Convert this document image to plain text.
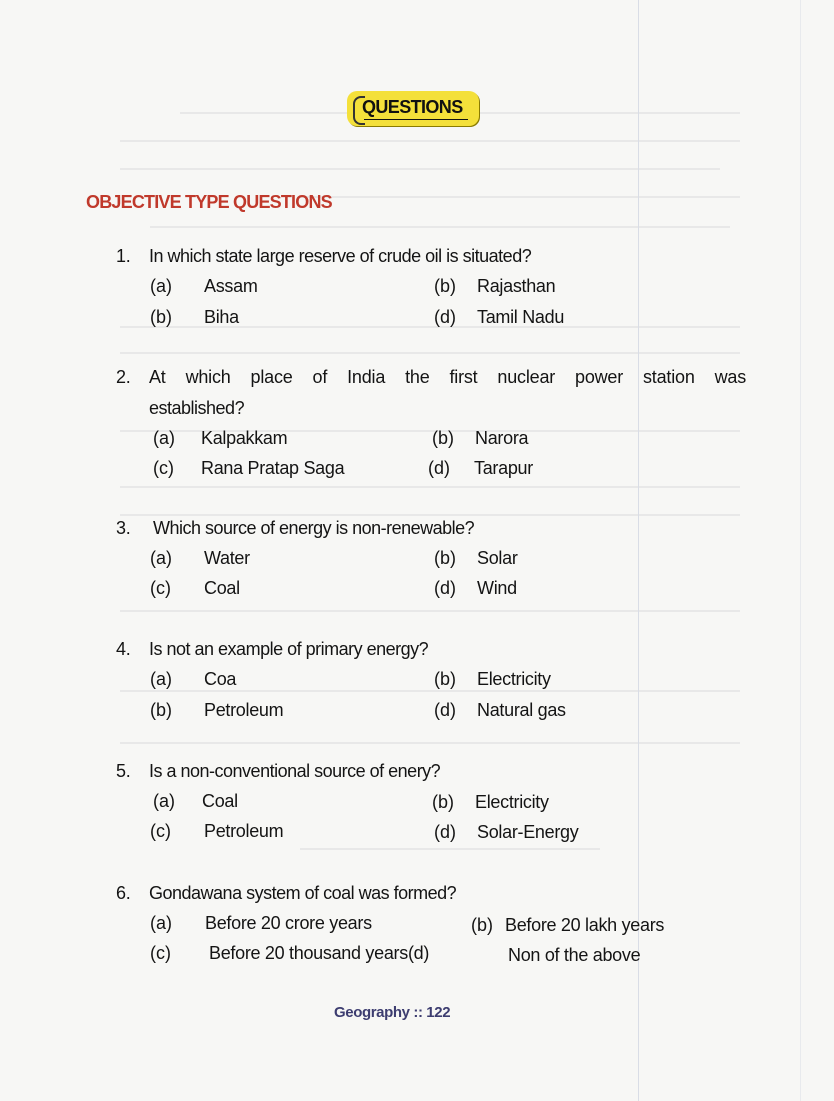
QUESTIONS
OBJECTIVE TYPE QUESTIONS
1. In which state large reserve of crude oil is situated?
(a) Assam	(b) Rajasthan
(b) Biha	(d) Tamil Nadu
2. At which place of India the first nuclear power station was
established?
(a) Kalpakkam	(b) Narora
(c) Rana Pratap Saga	(d) Tarapur
3. Which source of energy is non-renewable?
(a) Water	(b) Solar
(c) Coal	(d) Wind
4. Is not an example of primary energy?
(a) Coa	(b) Electricity
(b) Petroleum	(d) Natural gas
5. Is a non-conventional source of enery?
(a) Coal	(b) Electricity
(c) Petroleum	(d) Solar-Energy
6. Gondawana system of coal was formed?
(a) Before 20 crore years	(b) Before 20 lakh years
(c) Before 20 thousand years(d)	Non of the above
Geography :: 122
